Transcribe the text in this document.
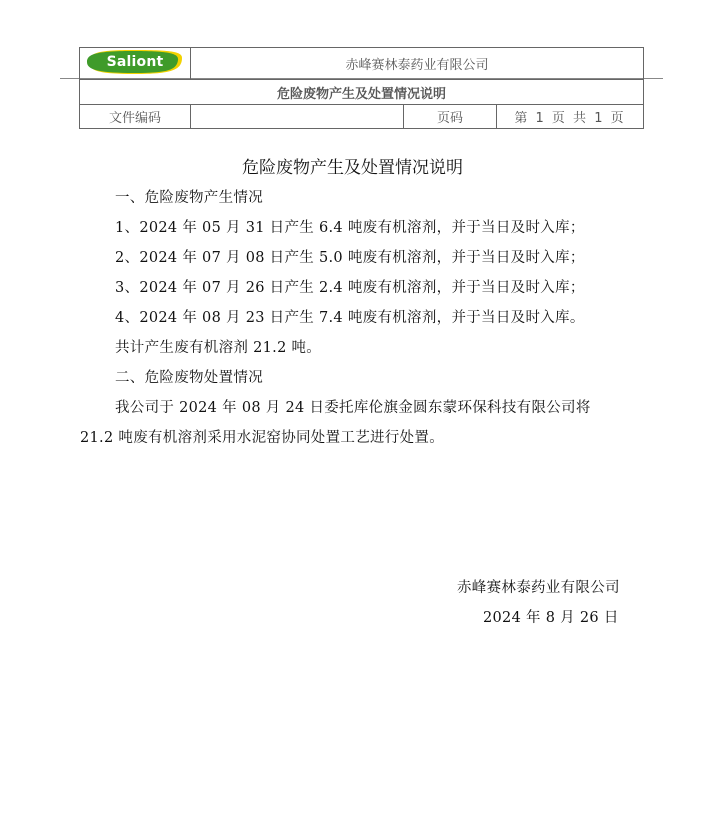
Saliont	赤峰赛林泰药业有限公司		
危险废物产生及处置情况说明			
文件编码		页码	第 1 页 共 1 页
危险废物产生及处置情况说明
一、危险废物产生情况
1、2024 年 05 月 31 日产生 6.4 吨废有机溶剂，并于当日及时入库；
2、2024 年 07 月 08 日产生 5.0 吨废有机溶剂，并于当日及时入库；
3、2024 年 07 月 26 日产生 2.4 吨废有机溶剂，并于当日及时入库；
4、2024 年 08 月 23 日产生 7.4 吨废有机溶剂，并于当日及时入库。
共计产生废有机溶剂 21.2 吨。
二、危险废物处置情况
我公司于 2024 年 08 月 24 日委托库伦旗金圆东蒙环保科技有限公司将
21.2 吨废有机溶剂采用水泥窑协同处置工艺进行处置。
赤峰赛林泰药业有限公司
2024 年 8 月 26 日
